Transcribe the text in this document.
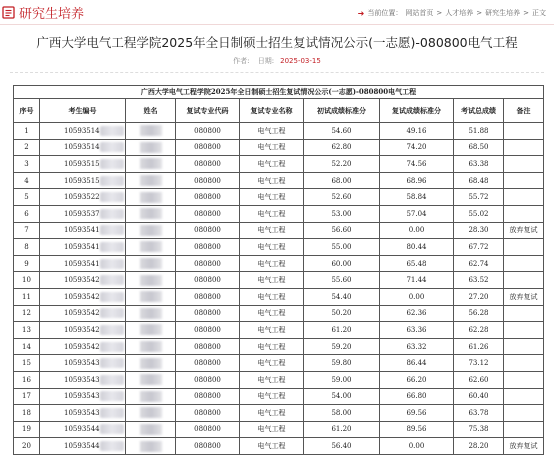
研究生培养	➜ 当前位置： 网站首页 > 人才培养 > 研究生培养 > 正文
广西大学电气工程学院2025年全日制硕士招生复试情况公示(一志愿)-080800电气工程
作者: 日期: 2025-03-15
广西大学电气工程学院2025年全日制硕士招生复试情况公示(一志愿)-080800电气工程								
序号	考生编号	姓名	复试专业代码	复试专业名称	初试成绩标准分	复试成绩标准分	考试总成绩	备注
1	10593514		080800	电气工程	54.60	49.16	51.88	
2	10593514		080800	电气工程	62.80	74.20	68.50	
3	10593515		080800	电气工程	52.20	74.56	63.38	
4	10593515		080800	电气工程	68.00	68.96	68.48	
5	10593522		080800	电气工程	52.60	58.84	55.72	
6	10593537		080800	电气工程	53.00	57.04	55.02	
7	10593541		080800	电气工程	56.60	0.00	28.30	放弃复试
8	10593541		080800	电气工程	55.00	80.44	67.72	
9	10593541		080800	电气工程	60.00	65.48	62.74	
10	10593542		080800	电气工程	55.60	71.44	63.52	
11	10593542		080800	电气工程	54.40	0.00	27.20	放弃复试
12	10593542		080800	电气工程	50.20	62.36	56.28	
13	10593542		080800	电气工程	61.20	63.36	62.28	
14	10593542		080800	电气工程	59.20	63.32	61.26	
15	10593543		080800	电气工程	59.80	86.44	73.12	
16	10593543		080800	电气工程	59.00	66.20	62.60	
17	10593543		080800	电气工程	54.00	66.80	60.40	
18	10593543		080800	电气工程	58.00	69.56	63.78	
19	10593544		080800	电气工程	61.20	89.56	75.38	
20	10593544		080800	电气工程	56.40	0.00	28.20	放弃复试
